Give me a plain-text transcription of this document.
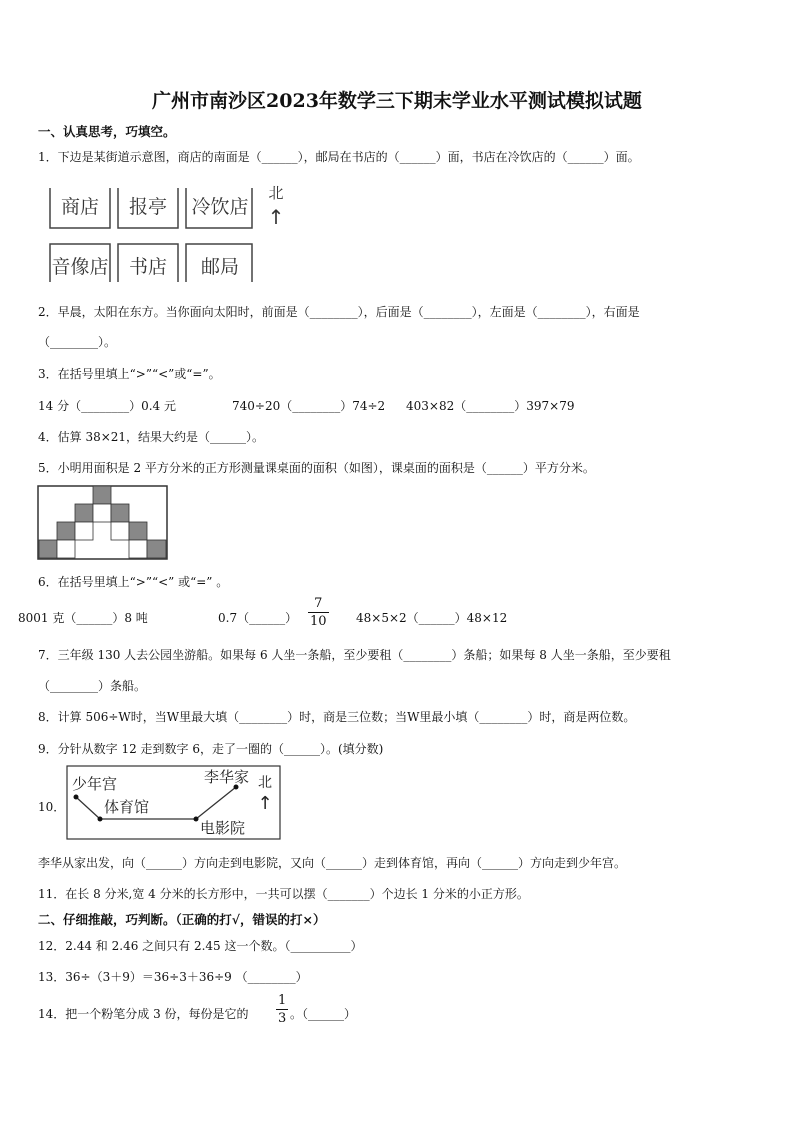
广州市南沙区2023年数学三下期末学业水平测试模拟试题
一、认真思考，巧填空。
1．下边是某街道示意图，商店的南面是（______），邮局在书店的（______）面，书店在冷饮店的（______）面。
商店 报亭 冷饮店
音像店 书店 邮局
北
↑
2．早晨，太阳在东方。当你面向太阳时，前面是（________），后面是（________），左面是（________），右面是
（________）。
3．在括号里填上“>”“<”或“=”。
14 分（________）0.4 元	740÷20（________）74÷2 403×82（________）397×79
4．估算 38×21，结果大约是（______）。
5．小明用面积是 2 平方分米的正方形测量课桌面的面积（如图），课桌面的面积是（______）平方分米。
6．在括号里填上“>”“<” 或“=” 。
8001 克（______）8 吨	0.7（______） $\frac{7}{10}$ 48×5×2（______）48×12
7．三年级 130 人去公园坐游船。如果每 6 人坐一条船，至少要租（________）条船；如果每 8 人坐一条船，至少要租
（________）条船。
8．计算 506÷W时，当W里最大填（________）时，商是三位数；当W里最小填（________）时，商是两位数。
9．分针从数字 12 走到数字 6，走了一圈的（______）。(填分数)
10．
少年宫
体育馆
李华家
电影院
北
↑
李华从家出发，向（______）方向走到电影院，又向（______）走到体育馆，再向（______）方向走到少年宫。
11．在长 8 分米,宽 4 分米的长方形中，一共可以摆（_______）个边长 1 分米的小正方形。
二、仔细推敲，巧判断。（正确的打√，错误的打×）
12．2.44 和 2.46 之间只有 2.45 这一个数。（__________）
13．36÷（3＋9）＝36÷3＋36÷9 （________）
14．把一个粉笔分成 3 份，每份是它的 $\frac{1}{3}$ 。（______）
